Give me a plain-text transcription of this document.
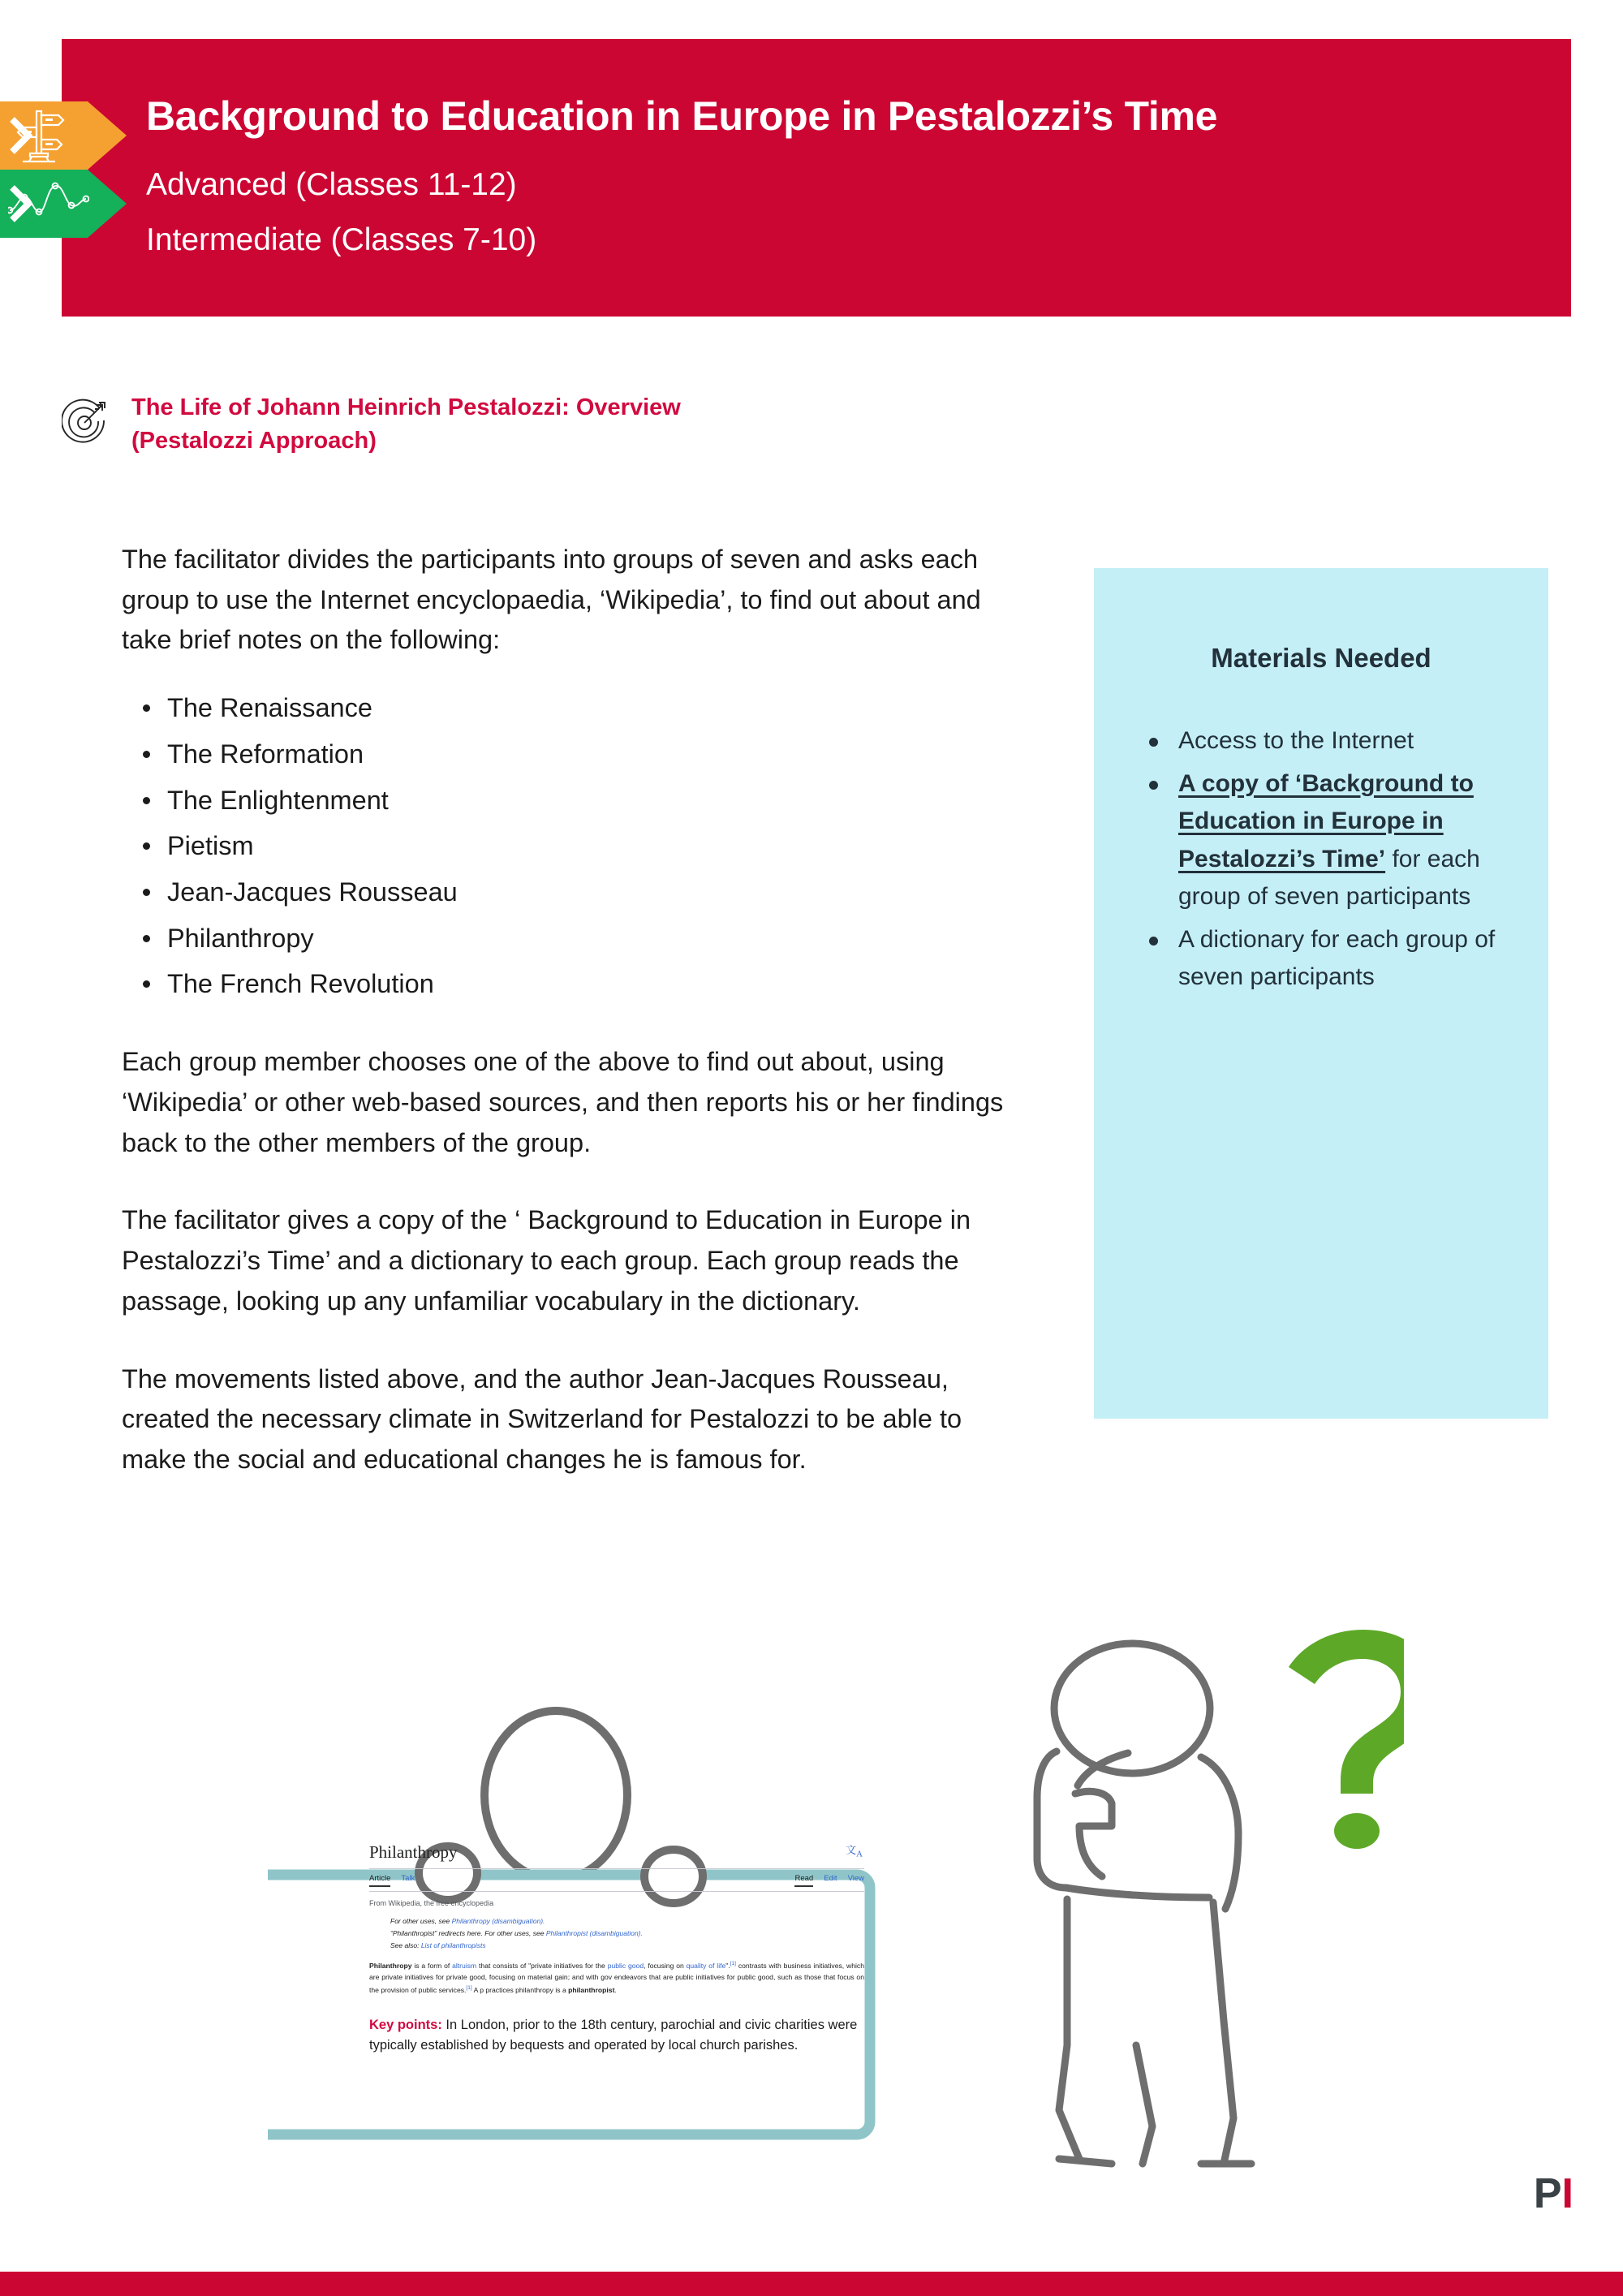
Background to Education in Europe in Pestalozzi’s Time
Advanced (Classes 11-12)
Intermediate (Classes 7-10)
The Life of Johann Heinrich Pestalozzi: Overview
(Pestalozzi Approach)

The facilitator divides the participants into groups of seven and asks each group to use the Internet encyclopaedia, ‘Wikipedia’, to find out about and take brief notes on the following:

The Renaissance
The Reformation
The Enlightenment
Pietism
Jean-Jacques Rousseau
Philanthropy
The French Revolution

Each group member chooses one of the above to find out about, using ‘Wikipedia’ or other web-based sources, and then reports his or her findings back to the other members of the group.

The facilitator gives a copy of the ‘ Background to Education in Europe in Pestalozzi’s Time’ and a dictionary to each group. Each group reads the passage, looking up any unfamiliar vocabulary in the dictionary.

The movements listed above, and the author Jean-Jacques Rousseau, created the necessary climate in Switzerland for Pestalozzi to be able to make the social and educational changes he is famous for.

Materials Needed
Access to the Internet
A copy of ‘Background to Education in Europe in Pestalozzi’s Time’ for each group of seven participants
A dictionary for each group of seven participants
Philanthropy	文$_A$
Article Talk	Read Edit View
From Wikipedia, the free encyclopedia
For other uses, see Philanthropy (disambiguation).
“Philanthropist” redirects here. For other uses, see Philanthropist (disambiguation).
See also: List of philanthropists
Philanthropy is a form of altruism that consists of "private initiatives for the public good, focusing on quality of life".[1] contrasts with business initiatives, which are private initiatives for private good, focusing on material gain; and with gov endeavors that are public initiatives for public good, such as those that focus on the provision of public services.[1] A p practices philanthropy is a philanthropist.
Key points: In London, prior to the 18th century, parochial and civic charities were typically established by bequests and operated by local church parishes.
P I
